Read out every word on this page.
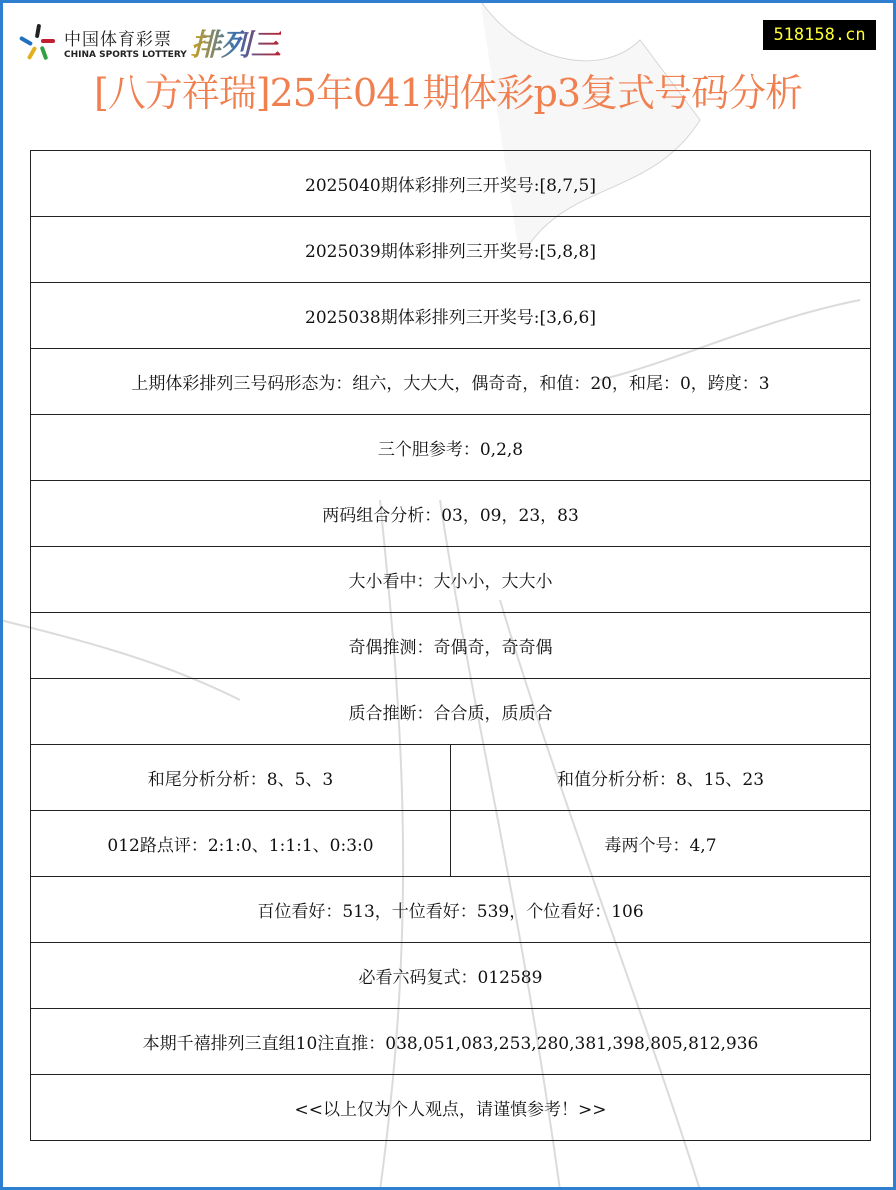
中国体育彩票
CHINA SPORTS LOTTERY 排列三	518158.cn
[八方祥瑞]25年041期体彩p3复式号码分析
2025040期体彩排列三开奖号:[8,7,5]	
2025039期体彩排列三开奖号:[5,8,8]	
2025038期体彩排列三开奖号:[3,6,6]	
上期体彩排列三号码形态为：组六，大大大，偶奇奇，和值：20，和尾：0，跨度：3	
三个胆参考：0,2,8	
两码组合分析：03，09，23，83	
大小看中：大小小，大大小	
奇偶推测：奇偶奇，奇奇偶	
质合推断：合合质，质质合	
和尾分析分析：8、5、3	和值分析分析：8、15、23
012路点评：2:1:0、1:1:1、0:3:0	毒两个号：4,7
百位看好：513，十位看好：539，个位看好：106	
必看六码复式：012589	
本期千禧排列三直组10注直推：038,051,083,253,280,381,398,805,812,936	
<<以上仅为个人观点，请谨慎参考！>>	
